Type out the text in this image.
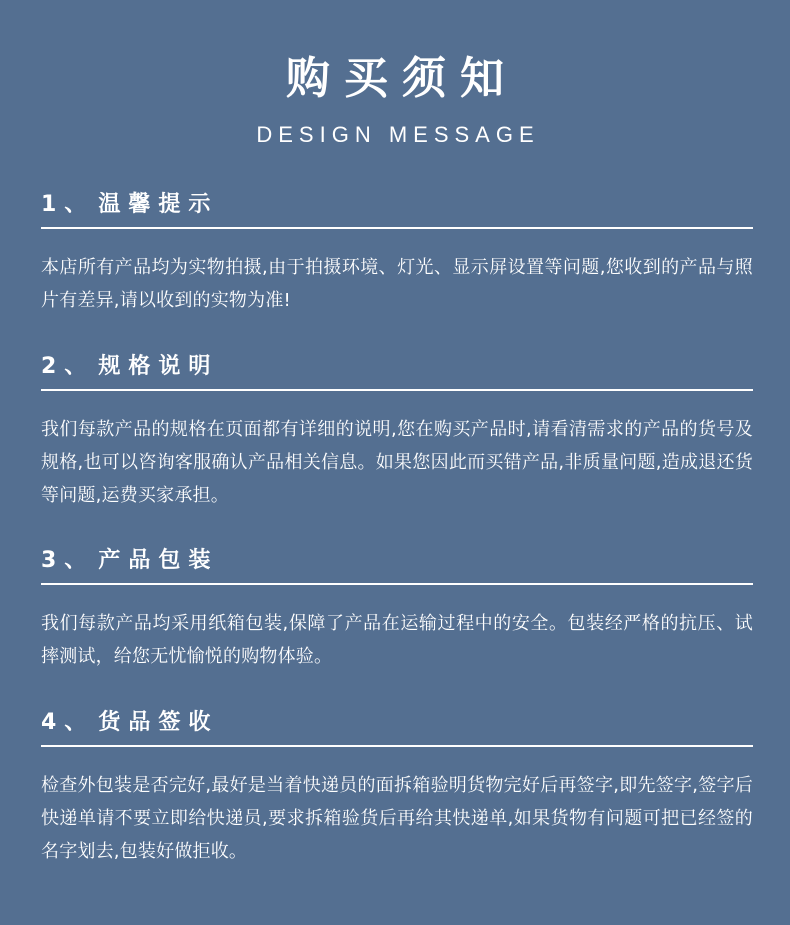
购买须知
DESIGN MESSAGE
1 、 温馨提示
本店所有产品均为实物拍摄,由于拍摄环境、灯光、显示屏设置等问题,您收到的产品与照片有差异,请以收到的实物为准!
2 、 规格说明
我们每款产品的规格在页面都有详细的说明,您在购买产品时,请看清需求的产品的货号及规格,也可以咨询客服确认产品相关信息。如果您因此而买错产品,非质量问题,造成退还货等问题,运费买家承担。
3 、 产品包装
我们每款产品均采用纸箱包装,保障了产品在运输过程中的安全。包装经严格的抗压、试摔测试，给您无忧愉悦的购物体验。
4 、 货品签收
检查外包装是否完好,最好是当着快递员的面拆箱验明货物完好后再签字,即先签字,签字后快递单请不要立即给快递员,要求拆箱验货后再给其快递单,如果货物有问题可把已经签的名字划去,包装好做拒收。
